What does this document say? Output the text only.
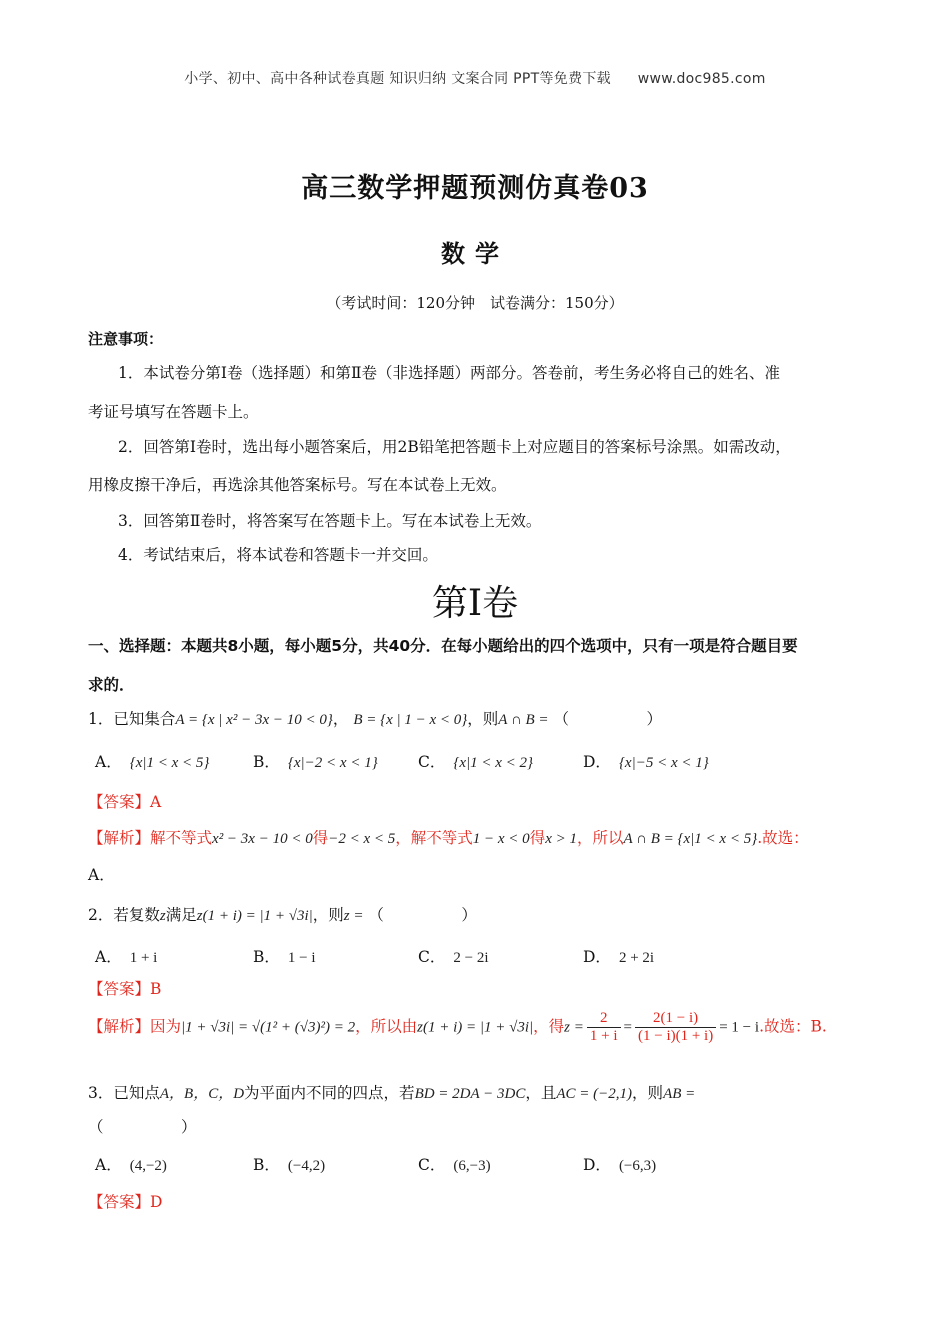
小学、初中、高中各种试卷真题 知识归纳 文案合同 PPT等免费下载 www.doc985.com
高三数学押题预测仿真卷03
数学
（考试时间：120分钟　试卷满分：150分）
注意事项：
1．本试卷分第Ⅰ卷（选择题）和第Ⅱ卷（非选择题）两部分。答卷前，考生务必将自己的姓名、准
考证号填写在答题卡上。
2．回答第Ⅰ卷时，选出每小题答案后，用2B铅笔把答题卡上对应题目的答案标号涂黑。如需改动，
用橡皮擦干净后，再选涂其他答案标号。写在本试卷上无效。
3．回答第Ⅱ卷时，将答案写在答题卡上。写在本试卷上无效。
4．考试结束后，将本试卷和答题卡一并交回。
第Ⅰ卷
一、选择题：本题共8小题，每小题5分，共40分．在每小题给出的四个选项中，只有一项是符合题目要
求的．
1．已知集合A = {x | x² − 3x − 10 < 0}， B = {x | 1 − x < 0}，则A ∩ B = （　　　　　）
A． {x|1 < x < 5}	B． {x|−2 < x < 1}	C． {x|1 < x < 2}	D． {x|−5 < x < 1}
【答案】A
【解析】解不等式x² − 3x − 10 < 0得−2 < x < 5，解不等式1 − x < 0得x > 1，所以A ∩ B = {x|1 < x < 5}.故选：
A．
2．若复数z满足z(1 + i) = |1 + √3i|，则z = （　　　　　）
A． 1 + i	B． 1 − i	C． 2 − 2i	D． 2 + 2i
【答案】B
【解析】因为|1 + √3i| = √(1² + (√3)²) = 2，所以由z(1 + i) = |1 + √3i|，得$z = \frac{2}{1 + i} = \frac{2(1 - i)}{(1 - i)(1 + i)} = 1 - i$.故选：B.
3．已知点A，B，C，D为平面内不同的四点，若BD = 2DA − 3DC，且AC = (−2,1)，则AB =
（　　　　　）
A． (4,−2)	B． (−4,2)	C． (6,−3)	D． (−6,3)
【答案】D
